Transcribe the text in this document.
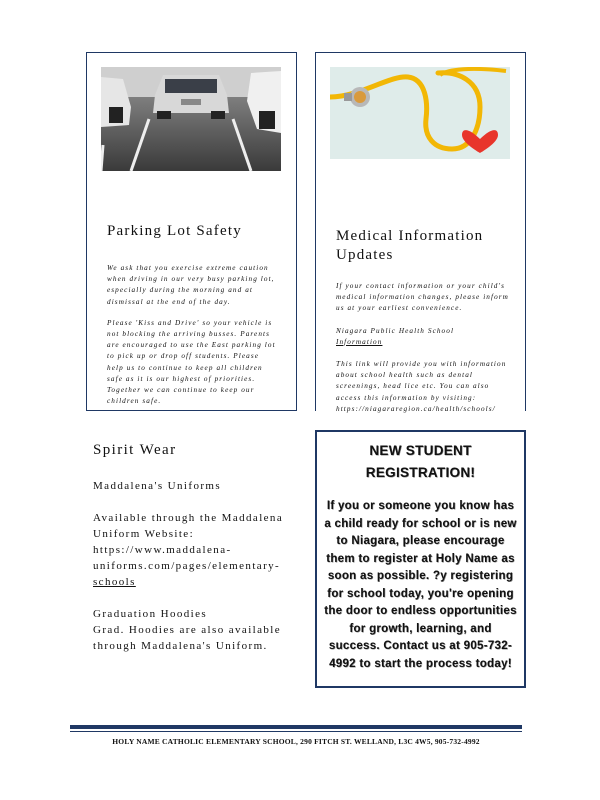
Parking Lot Safety

We ask that you exercise extreme caution when driving in our very busy parking lot, especially during the morning and at dismissal at the end of the day.

Please 'Kiss and Drive' so your vehicle is not blocking the arriving busses. Parents are encouraged to use the East parking lot to pick up or drop off students. Please help us to continue to keep all children safe as it is our highest of priorities. Together we can continue to keep our children safe.

Medical Information Updates

If your contact information or your child's medical information changes, please inform us at your earliest convenience.

Niagara Public Health School
Information

This link will provide you with information about school health such as dental screenings, head lice etc. You can also access this information by visiting: https://niagararegion.ca/health/schools/

Spirit Wear

Maddalena's Uniforms

Available through the Maddalena Uniform Website:
https://www.maddalena-uniforms.com/pages/elementary-schools

Graduation Hoodies
Grad. Hoodies are also available through Maddalena's Uniform.

NEW STUDENT REGISTRATION!

If you or someone you know has a child ready for school or is new to Niagara, please encourage them to register at Holy Name as soon as possible. ?y registering for school today, you're opening the door to endless opportunities for growth, learning, and success. Contact us at 905-732-4992 to start the process today!

HOLY NAME CATHOLIC ELEMENTARY SCHOOL, 290 FITCH ST. WELLAND, L3C 4W5, 905-732-4992
